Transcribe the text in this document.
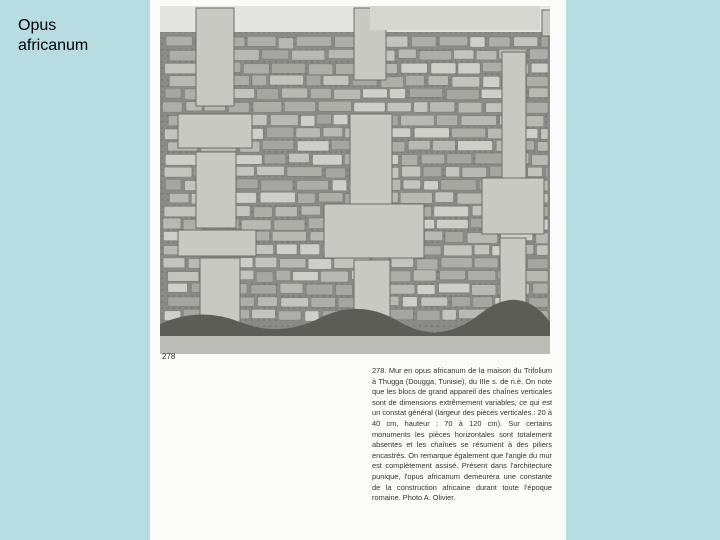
Opus
africanum
278
278. Mur en opus africanum de la maison du Trifolium à Thugga (Dougga, Tunisie), du IIIe s. de n.è. On note que les blocs de grand appareil des chaînes verticales sont de dimensions extrêmement variables, ce qui est un constat général (largeur des pièces verticales : 20 à 40 cm, hauteur : 70 à 120 cm). Sur certains monuments les pièces horizontales sont totalement absentes et les chaînes se résument à des piliers encastrés. On remarque également que l'angle du mur est complètement assisé. Présent dans l'architecture punique, l'opus africanum demeurera une constante de la construction africaine durant toute l'époque romaine. Photo A. Olivier.
